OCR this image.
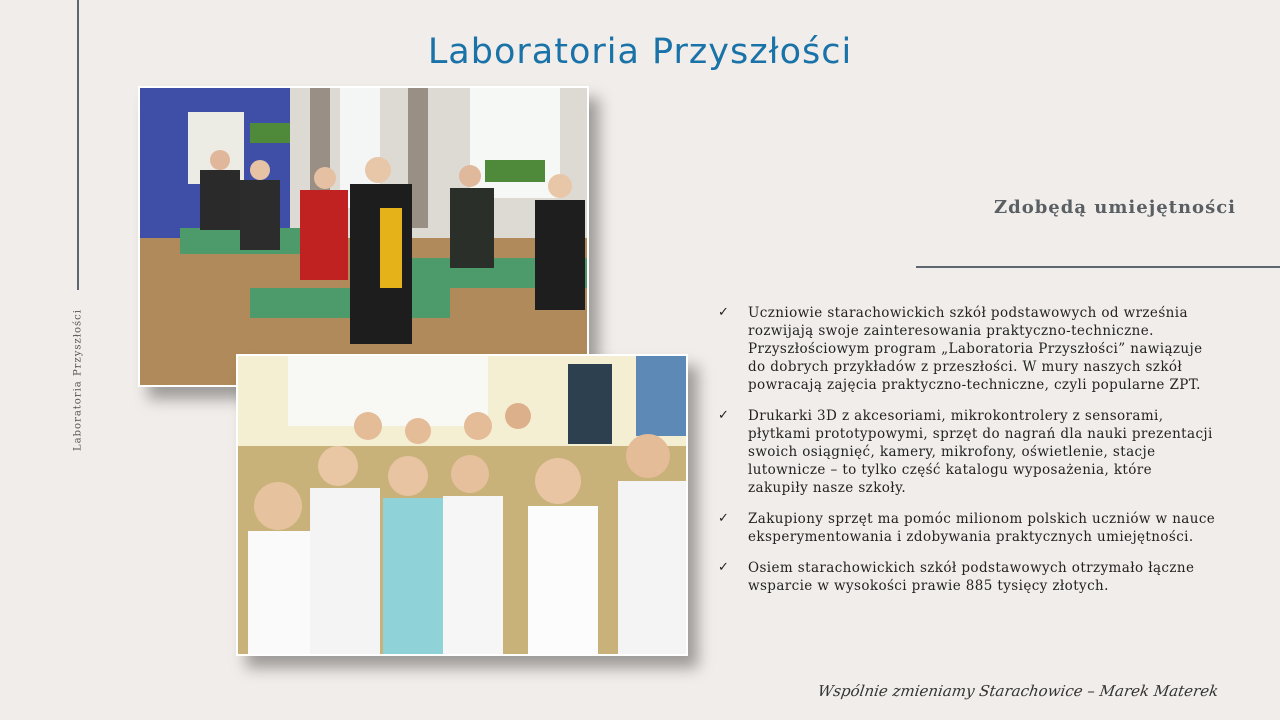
Laboratoria Przyszłości
Laboratoria Przyszłości
Zdobędą umiejętności
✓ Uczniowie starachowickich szkół podstawowych od września rozwijają swoje zainteresowania praktyczno-techniczne. Przyszłościowym program „Laboratoria Przyszłości” nawiązuje do dobrych przykładów z przeszłości. W mury naszych szkół powracają zajęcia praktyczno-techniczne, czyli popularne ZPT.
✓ Drukarki 3D z akcesoriami, mikrokontrolery z sensorami, płytkami prototypowymi, sprzęt do nagrań dla nauki prezentacji swoich osiągnięć, kamery, mikrofony, oświetlenie, stacje lutownicze – to tylko część katalogu wyposażenia, które zakupiły nasze szkoły.
✓ Zakupiony sprzęt ma pomóc milionom polskich uczniów w nauce eksperymentowania i zdobywania praktycznych umiejętności.
✓ Osiem starachowickich szkół podstawowych otrzymało łączne wsparcie w wysokości prawie 885 tysięcy złotych.
Wspólnie zmieniamy Starachowice – Marek Materek
